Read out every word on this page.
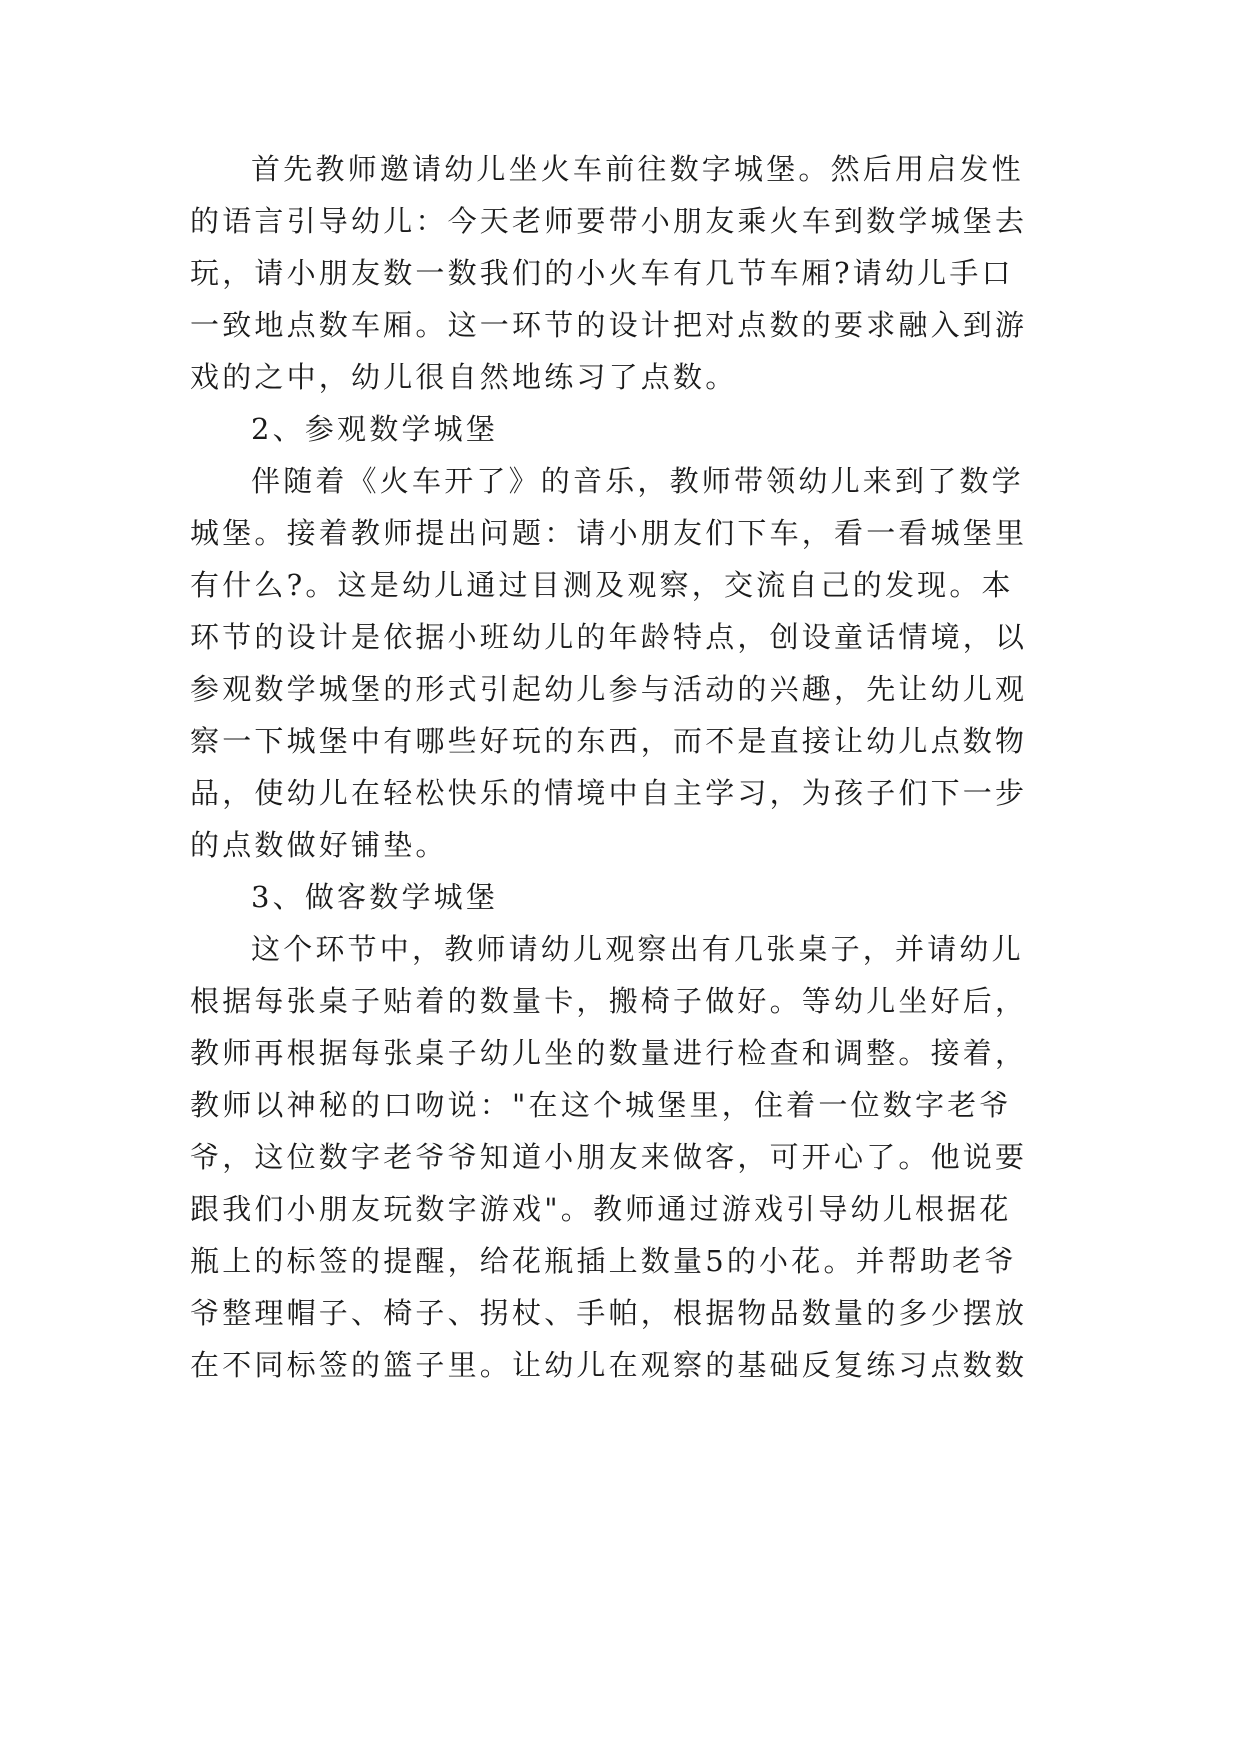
首先教师邀请幼儿坐火车前往数字城堡。然后用启发性
的语言引导幼儿：今天老师要带小朋友乘火车到数学城堡去
玩，请小朋友数一数我们的小火车有几节车厢?请幼儿手口
一致地点数车厢。这一环节的设计把对点数的要求融入到游
戏的之中，幼儿很自然地练习了点数。
2、参观数学城堡
伴随着《火车开了》的音乐，教师带领幼儿来到了数学
城堡。接着教师提出问题：请小朋友们下车，看一看城堡里
有什么?。这是幼儿通过目测及观察，交流自己的发现。本
环节的设计是依据小班幼儿的年龄特点，创设童话情境，以
参观数学城堡的形式引起幼儿参与活动的兴趣，先让幼儿观
察一下城堡中有哪些好玩的东西，而不是直接让幼儿点数物
品，使幼儿在轻松快乐的情境中自主学习，为孩子们下一步
的点数做好铺垫。
3、做客数学城堡
这个环节中，教师请幼儿观察出有几张桌子，并请幼儿
根据每张桌子贴着的数量卡，搬椅子做好。等幼儿坐好后，
教师再根据每张桌子幼儿坐的数量进行检查和调整。接着，
教师以神秘的口吻说："在这个城堡里，住着一位数字老爷
爷，这位数字老爷爷知道小朋友来做客，可开心了。他说要
跟我们小朋友玩数字游戏"。教师通过游戏引导幼儿根据花
瓶上的标签的提醒，给花瓶插上数量5的小花。并帮助老爷
爷整理帽子、椅子、拐杖、手帕，根据物品数量的多少摆放
在不同标签的篮子里。让幼儿在观察的基础反复练习点数数
